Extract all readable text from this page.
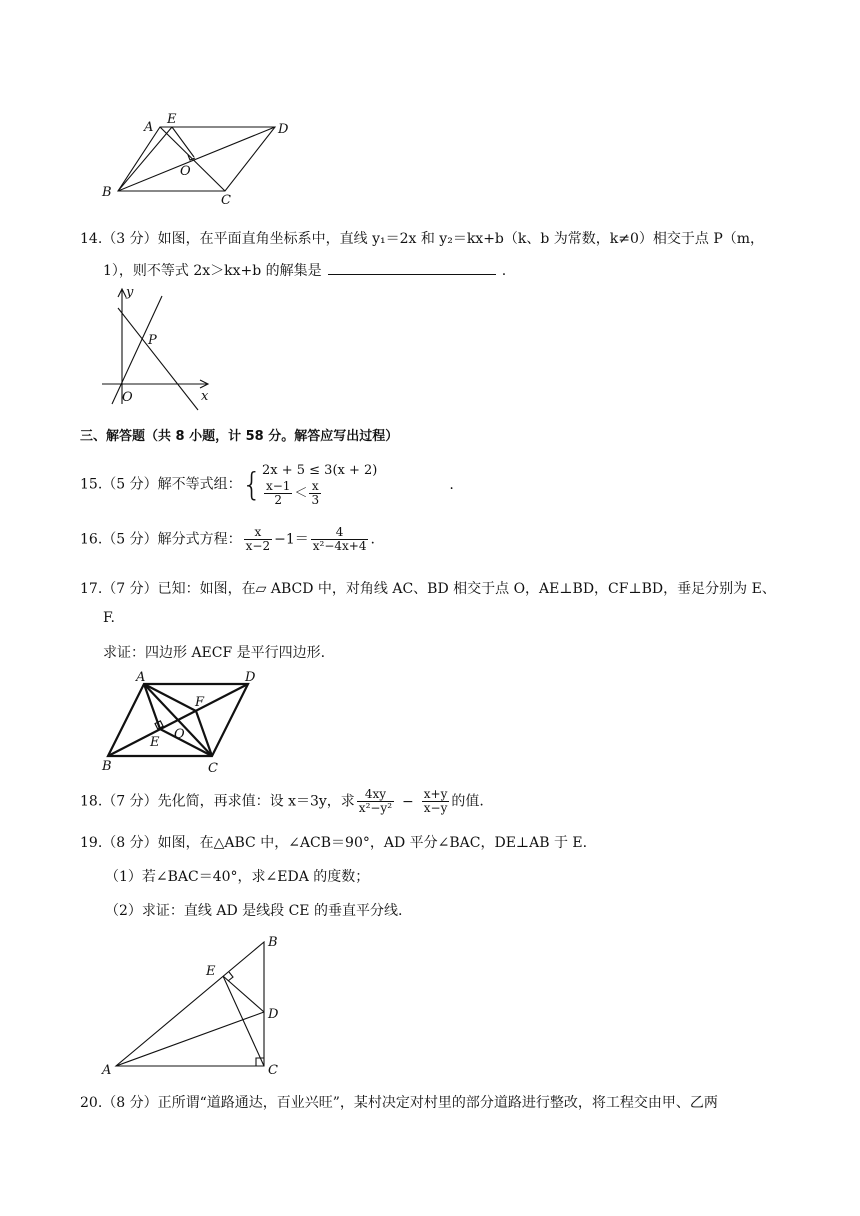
A
E
D
O
B
C
14.（3 分）如图，在平面直角坐标系中，直线 y₁＝2x 和 y₂＝kx+b（k、b 为常数，k≠0）相交于点 P（m，
1），则不等式 2x＞kx+b 的解集是	.
y
P
O	x
三、解答题（共 8 小题，计 58 分。解答应写出过程）
15.（5 分）解不等式组：{ 2x + 5 ≤ 3(x + 2)
$\frac{x-1}{2} < \frac{x}{3}$	.
16.（5 分）解分式方程： $\frac{x}{x-2} -1= \frac{4}{\text{x²−4x+4}}$ .
17.（7 分）已知：如图，在▱ ABCD 中，对角线 AC、BD 相交于点 O，AE⊥BD，CF⊥BD，垂足分别为 E、
F.
求证：四边形 AECF 是平行四边形.
A	D
F
E
O
B	C
18.（7 分）先化简，再求值：设 x＝3y，求 $\frac{4xy}{\text{x²−y²}} - \frac{x+y}{x-y}$ 的值.
19.（8 分）如图，在△ABC 中，∠ACB＝90°，AD 平分∠BAC，DE⊥AB 于 E.
（1）若∠BAC＝40°，求∠EDA 的度数；
（2）求证：直线 AD 是线段 CE 的垂直平分线.
B
E
D
A	C
20.（8 分）正所谓“道路通达，百业兴旺”，某村决定对村里的部分道路进行整改，将工程交由甲、乙两
